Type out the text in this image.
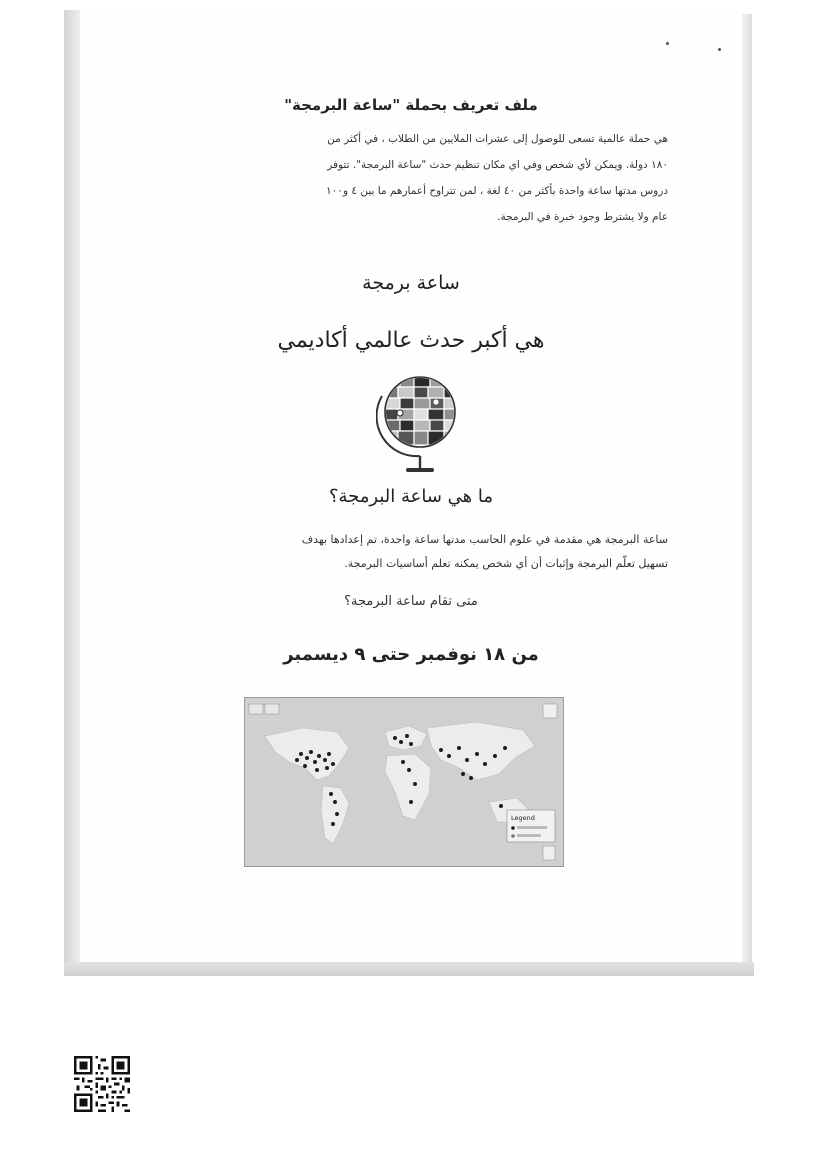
ملف تعريف بحملة "ساعة البرمجة"
هي حملة عالمية تسعى للوصول إلى عشرات الملايين من الطلاب ، في أكثر من
١٨٠ دولة. ويمكن لأي شخص وفي اي مكان تنظيم حدث "ساعة البرمجة". تتوفر
دروس مدتها ساعة واحدة بأكثر من ٤٠ لغة ، لمن تتراوح أعمارهم ما بين ٤ و١٠٠
عام ولا يشترط وجود خبرة في البرمجة.
ساعة برمجة
هي أكبر حدث عالمي أكاديمي
ما هي ساعة البرمجة؟
ساعة البرمجة هي مقدمة في علوم الحاسب مدتها ساعة واحدة، تم إعدادها بهدف
تسهيل تعلّم البرمجة وإثبات أن أي شخص يمكنه تعلم أساسيات البرمجة.
متى تقام ساعة البرمجة؟
من ١٨ نوفمبر حتى ٩ ديسمبر
Legend
